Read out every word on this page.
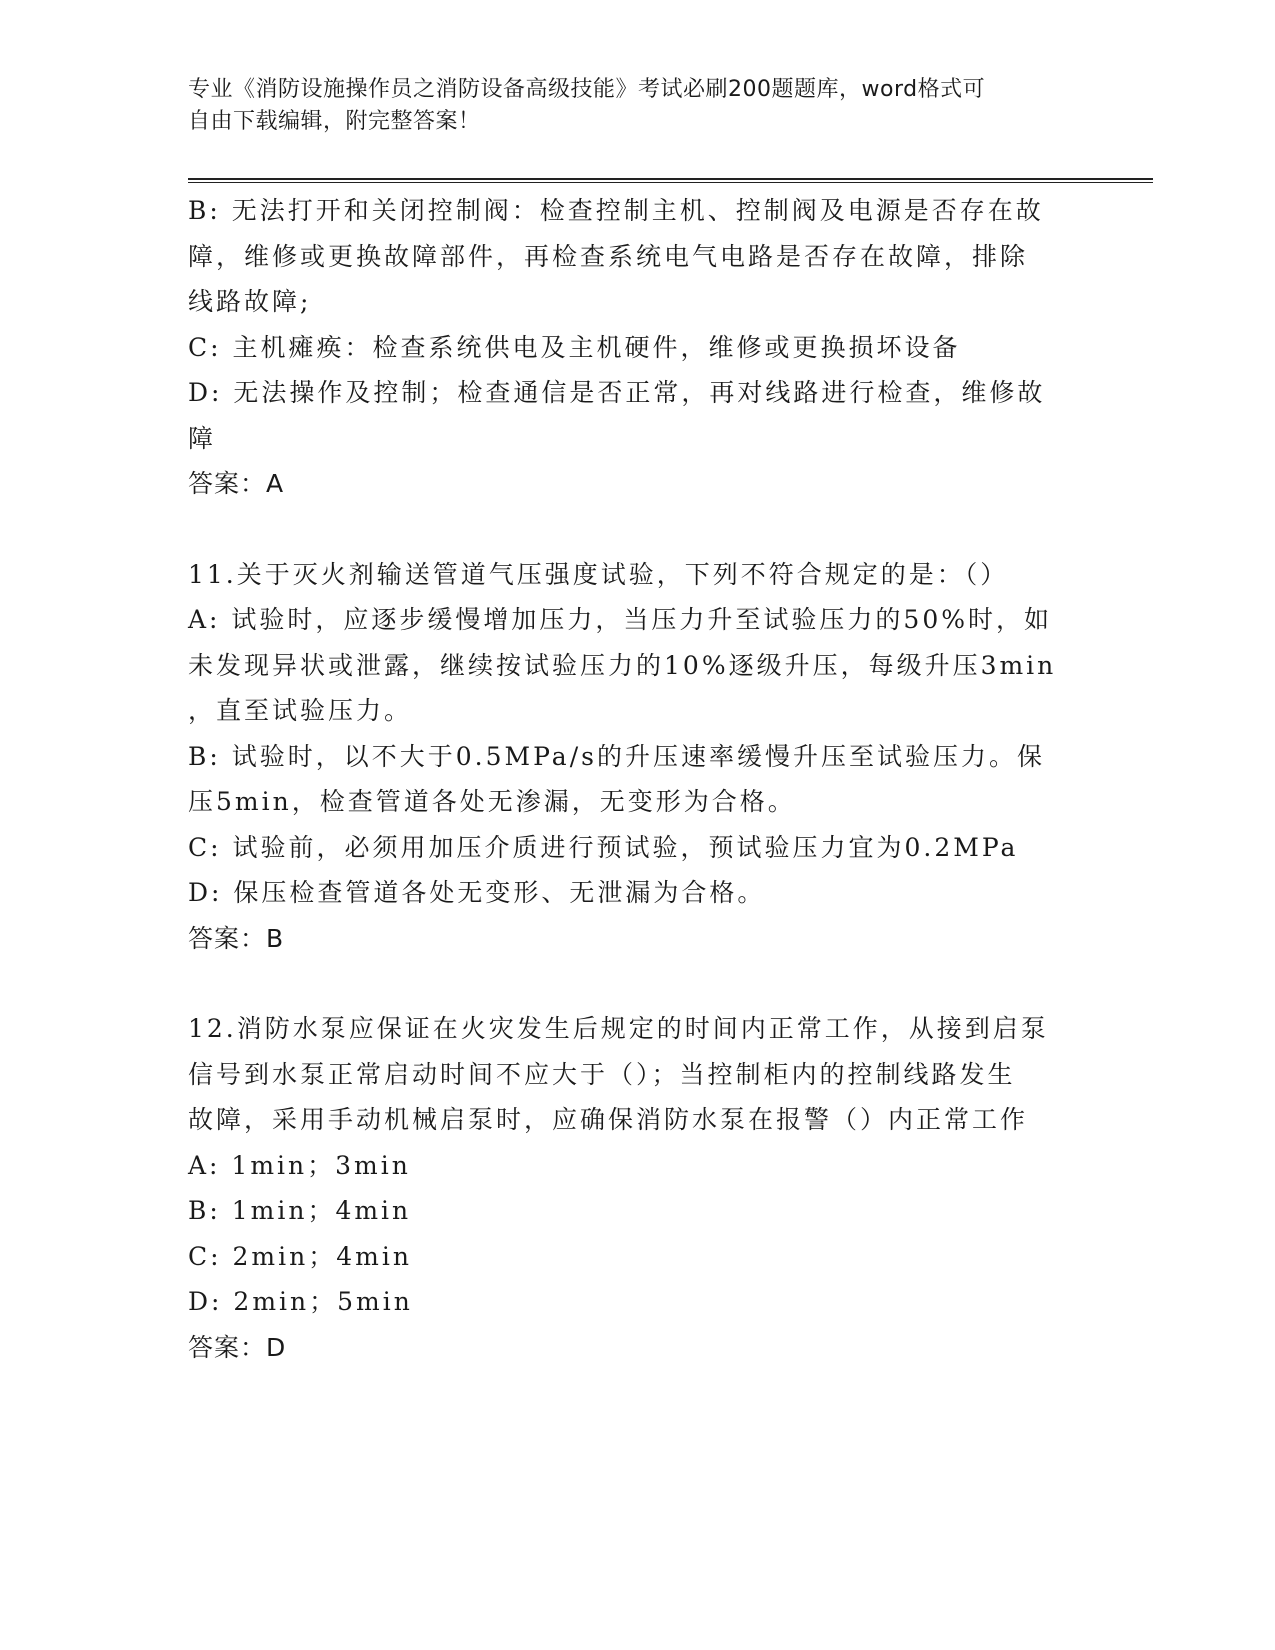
专业《消防设施操作员之消防设备高级技能》考试必刷200题题库，word格式可
自由下载编辑，附完整答案！
B: 无法打开和关闭控制阀：检查控制主机、控制阀及电源是否存在故
障，维修或更换故障部件，再检查系统电气电路是否存在故障，排除
线路故障;
C: 主机瘫痪：检查系统供电及主机硬件，维修或更换损坏设备
D: 无法操作及控制；检查通信是否正常，再对线路进行检查，维修故
障
答案：A
11.关于灭火剂输送管道气压强度试验，下列不符合规定的是：（）
A: 试验时，应逐步缓慢增加压力，当压力升至试验压力的50%时，如
未发现异状或泄露，继续按试验压力的10%逐级升压，每级升压3min
，直至试验压力。
B: 试验时，以不大于0.5MPa/s的升压速率缓慢升压至试验压力。保
压5min，检查管道各处无渗漏，无变形为合格。
C: 试验前，必须用加压介质进行预试验，预试验压力宜为0.2MPa
D: 保压检查管道各处无变形、无泄漏为合格。
答案：B
12.消防水泵应保证在火灾发生后规定的时间内正常工作，从接到启泵
信号到水泵正常启动时间不应大于（）；当控制柜内的控制线路发生
故障，采用手动机械启泵时，应确保消防水泵在报警（）内正常工作
A: 1min；3min
B: 1min；4min
C: 2min；4min
D: 2min；5min
答案：D
